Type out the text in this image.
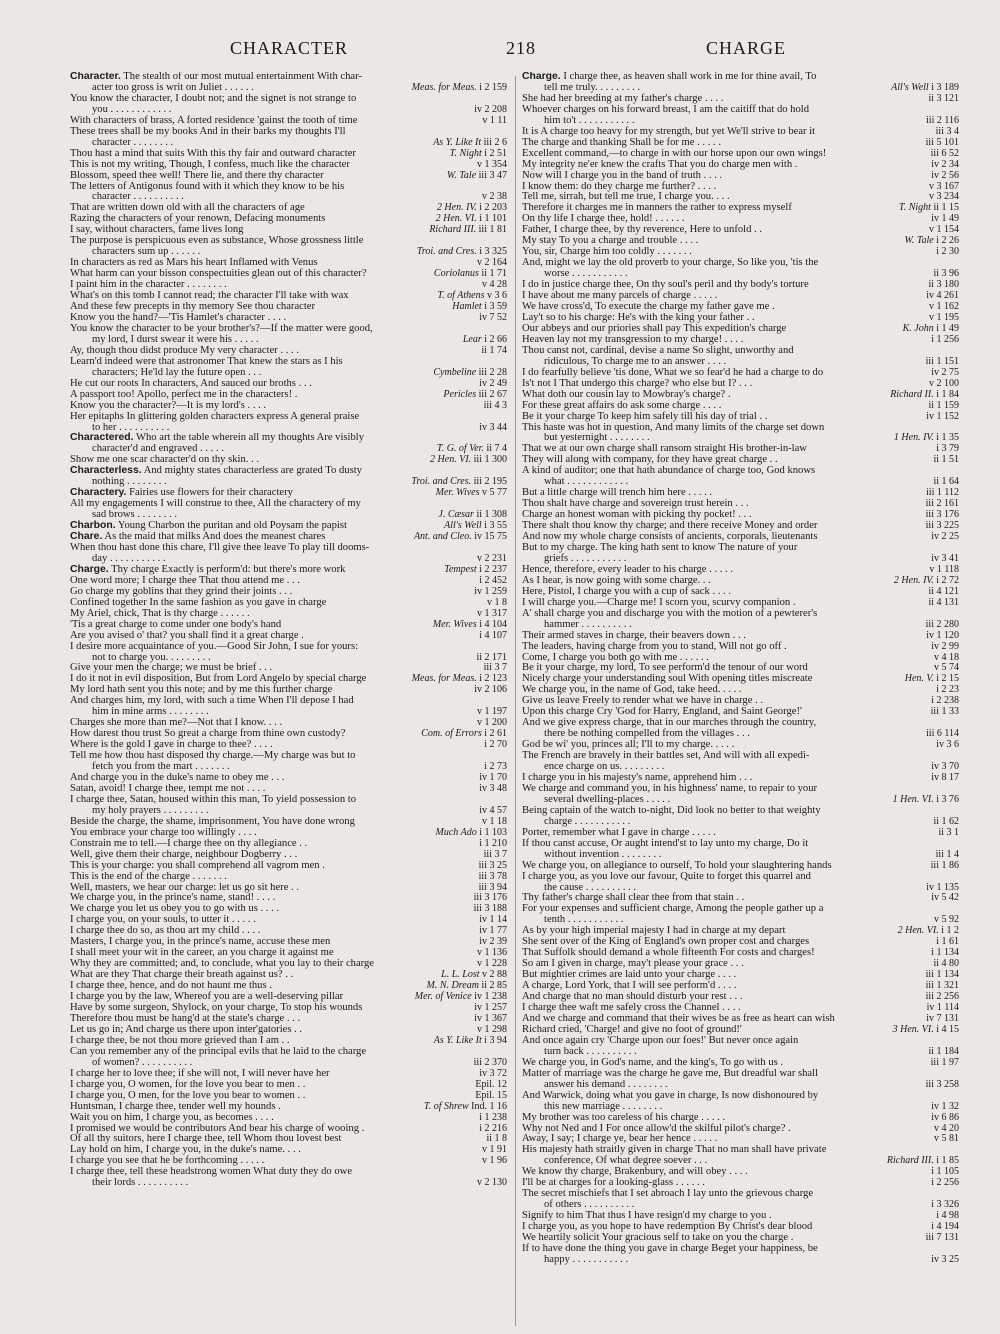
CHARACTER	218	CHARGE
Character. The stealth of our most mutual entertainment With char-
acter too gross is writ on Juliet . . . . . .	Meas. for Meas. i 2 159
You know the character, I doubt not; and the signet is not strange to
you . . . . . . . . . . . .	iv 2 208
With characters of brass, A forted residence 'gainst the tooth of time	v 1 11
These trees shall be my books And in their barks my thoughts I'll
character . . . . . . . .	As Y. Like It iii 2 6
Thou hast a mind that suits With this thy fair and outward character	T. Night i 2 51
This is not my writing, Though, I confess, much like the character	v 1 354
Blossom, speed thee well! There lie, and there thy character	W. Tale iii 3 47
The letters of Antigonus found with it which they know to be his
character . . . . . . . . . .	v 2 38
That are written down old with all the characters of age	2 Hen. IV. i 2 203
Razing the characters of your renown, Defacing monuments	2 Hen. VI. i 1 101
I say, without characters, fame lives long	Richard III. iii 1 81
The purpose is perspicuous even as substance, Whose grossness little
characters sum up . . . . . .	Troi. and Cres. i 3 325
In characters as red as Mars his heart Inflamed with Venus	v 2 164
What harm can your bisson conspectuities glean out of this character?	Coriolanus ii 1 71
I paint him in the character . . . . . . . .	v 4 28
What's on this tomb I cannot read; the character I'll take with wax	T. of Athens v 3 6
And these few precepts in thy memory See thou character	Hamlet i 3 59
Know you the hand?—'Tis Hamlet's character . . . .	iv 7 52
You know the character to be your brother's?—If the matter were good,
my lord, I durst swear it were his . . . . .	Lear i 2 66
Ay, though thou didst produce My very character . . . .	ii 1 74
Learn'd indeed were that astronomer That knew the stars as I his
characters; He'ld lay the future open . . .	Cymbeline iii 2 28
He cut our roots In characters, And sauced our broths . . .	iv 2 49
A passport too! Apollo, perfect me in the characters! .	Pericles iii 2 67
Know you the character?—It is my lord's . . . .	iii 4 3
Her epitaphs In glittering golden characters express A general praise
to her . . . . . . . . . .	iv 3 44
Charactered. Who art the table wherein all my thoughts Are visibly
character'd and engraved . . . . .	T. G. of Ver. ii 7 4
Show me one scar character'd on thy skin. . .	2 Hen. VI. iii 1 300
Characterless. And mighty states characterless are grated To dusty
nothing . . . . . . . .	Troi. and Cres. iii 2 195
Charactery. Fairies use flowers for their charactery	Mer. Wives v 5 77
All my engagements I will construe to thee, All the charactery of my
sad brows . . . . . . . .	J. Cæsar ii 1 308
Charbon. Young Charbon the puritan and old Poysam the papist	All's Well i 3 55
Chare. As the maid that milks And does the meanest chares	Ant. and Cleo. iv 15 75
When thou hast done this chare, I'll give thee leave To play till dooms-
day . . . . . . . . . . .	v 2 231
Charge. Thy charge Exactly is perform'd: but there's more work	Tempest i 2 237
One word more; I charge thee That thou attend me . . .	i 2 452
Go charge my goblins that they grind their joints . . .	iv 1 259
Confined together In the same fashion as you gave in charge	v 1 8
My Ariel, chick, That is thy charge . . . . . .	v 1 317
'Tis a great charge to come under one body's hand	Mer. Wives i 4 104
Are you avised o' that? you shall find it a great charge .	i 4 107
I desire more acquaintance of you.—Good Sir John, I sue for yours:
not to charge you. . . . . . . . .	ii 2 171
Give your men the charge; we must be brief . . .	iii 3 7
I do it not in evil disposition, But from Lord Angelo by special charge	Meas. for Meas. i 2 123
My lord hath sent you this note; and by me this further charge	iv 2 106
And charges him, my lord, with such a time When I'll depose I had
him in mine arms . . . . . . . .	v 1 197
Charges she more than me?—Not that I know. . . .	v 1 200
How darest thou trust So great a charge from thine own custody?	Com. of Errors i 2 61
Where is the gold I gave in charge to thee? . . . .	i 2 70
Tell me how thou hast disposed thy charge.—My charge was but to
fetch you from the mart . . . . . . .	i 2 73
And charge you in the duke's name to obey me . . .	iv 1 70
Satan, avoid! I charge thee, tempt me not . . . .	iv 3 48
I charge thee, Satan, housed within this man, To yield possession to
my holy prayers . . . . . . . . .	iv 4 57
Beside the charge, the shame, imprisonment, You have done wrong	v 1 18
You embrace your charge too willingly . . . .	Much Ado i 1 103
Constrain me to tell.—I charge thee on thy allegiance . .	i 1 210
Well, give them their charge, neighbour Dogberry . . .	iii 3 7
This is your charge: you shall comprehend all vagrom men .	iii 3 25
This is the end of the charge . . . . . . .	iii 3 78
Well, masters, we hear our charge: let us go sit here . .	iii 3 94
We charge you, in the prince's name, stand! . . . .	iii 3 176
We charge you let us obey you to go with us . . . .	iii 3 188
I charge you, on your souls, to utter it . . . . .	iv 1 14
I charge thee do so, as thou art my child . . . .	iv 1 77
Masters, I charge you, in the prince's name, accuse these men	iv 2 39
I shall meet your wit in the career, an you charge it against me	v 1 136
Why they are committed; and, to conclude, what you lay to their charge	v 1 228
What are they That charge their breath against us? . .	L. L. Lost v 2 88
I charge thee, hence, and do not haunt me thus .	M. N. Dream ii 2 85
I charge you by the law, Whereof you are a well-deserving pillar	Mer. of Venice iv 1 238
Have by some surgeon, Shylock, on your charge, To stop his wounds	iv 1 257
Therefore thou must be hang'd at the state's charge . . .	iv 1 367
Let us go in; And charge us there upon inter'gatories . .	v 1 298
I charge thee, be not thou more grieved than I am . .	As Y. Like It i 3 94
Can you remember any of the principal evils that he laid to the charge
of women? . . . . . . . . . .	iii 2 370
I charge her to love thee; if she will not, I will never have her	iv 3 72
I charge you, O women, for the love you bear to men . .	Epil. 12
I charge you, O men, for the love you bear to women . .	Epil. 15
Huntsman, I charge thee, tender well my hounds .	T. of Shrew Ind. 1 16
Wait you on him, I charge you, as becomes . . . .	i 1 238
I promised we would be contributors And bear his charge of wooing .	i 2 216
Of all thy suitors, here I charge thee, tell Whom thou lovest best	ii 1 8
Lay hold on him, I charge you, in the duke's name. . . .	v 1 91
I charge you see that he be forthcoming . . . . .	v 1 96
I charge thee, tell these headstrong women What duty they do owe
their lords . . . . . . . . . .	v 2 130
Charge. I charge thee, as heaven shall work in me for thine avail, To
tell me truly. . . . . . . . .	All's Well i 3 189
She had her breeding at my father's charge . . . .	ii 3 121
Whoever charges on his forward breast, I am the caitiff that do hold
him to't . . . . . . . . . . .	iii 2 116
It is A charge too heavy for my strength, but yet We'll strive to bear it	iii 3 4
The charge and thanking Shall be for me . . . . .	iii 5 101
Excellent command,—to charge in with our horse upon our own wings!	iii 6 52
My integrity ne'er knew the crafts That you do charge men with .	iv 2 34
Now will I charge you in the band of truth . . . .	iv 2 56
I know them: do they charge me further? . . . .	v 3 167
Tell me, sirrah, but tell me true, I charge you. . . .	v 3 234
Therefore it charges me in manners the rather to express myself	T. Night ii 1 15
On thy life I charge thee, hold! . . . . . .	iv 1 49
Father, I charge thee, by thy reverence, Here to unfold . .	v 1 154
My stay To you a charge and trouble . . . .	W. Tale i 2 26
You, sir, Charge him too coldly . . . . . . .	i 2 30
And, might we lay the old proverb to your charge, So like you, 'tis the
worse . . . . . . . . . . .	ii 3 96
I do in justice charge thee, On thy soul's peril and thy body's torture	ii 3 180
I have about me many parcels of charge . . . . .	iv 4 261
We have cross'd, To execute the charge my father gave me .	v 1 162
Lay't so to his charge: He's with the king your father . .	v 1 195
Our abbeys and our priories shall pay This expedition's charge	K. John i 1 49
Heaven lay not my transgression to my charge! . . . .	i 1 256
Thou canst not, cardinal, devise a name So slight, unworthy and
ridiculous, To charge me to an answer . . . .	iii 1 151
I do fearfully believe 'tis done, What we so fear'd he had a charge to do	iv 2 75
Is't not I That undergo this charge? who else but I? . . .	v 2 100
What doth our cousin lay to Mowbray's charge? .	Richard II. i 1 84
For these great affairs do ask some charge . . . .	ii 1 159
Be it your charge To keep him safely till his day of trial . .	iv 1 152
This haste was hot in question, And many limits of the charge set down
but yesternight . . . . . . . .	1 Hen. IV. i 1 35
That we at our own charge shall ransom straight His brother-in-law	i 3 79
They will along with company, for they have great charge . .	ii 1 51
A kind of auditor; one that hath abundance of charge too, God knows
what . . . . . . . . . . . .	ii 1 64
But a little charge will trench him here . . . . .	iii 1 112
Thou shalt have charge and sovereign trust herein . . .	iii 2 161
Charge an honest woman with picking thy pocket! . . .	iii 3 176
There shalt thou know thy charge; and there receive Money and order	iii 3 225
And now my whole charge consists of ancients, corporals, lieutenants	iv 2 25
But to my charge. The king hath sent to know The nature of your
griefs . . . . . . . . . . .	iv 3 41
Hence, therefore, every leader to his charge . . . . .	v 1 118
As I hear, is now going with some charge. . .	2 Hen. IV. i 2 72
Here, Pistol, I charge you with a cup of sack . . . .	ii 4 121
I will charge you.—Charge me! I scorn you, scurvy companion .	ii 4 131
A' shall charge you and discharge you with the motion of a pewterer's
hammer . . . . . . . . . .	iii 2 280
Their armed staves in charge, their beavers down . . .	iv 1 120
The leaders, having charge from you to stand, Will not go off .	iv 2 99
Come, I charge you both go with me . . . . . .	v 4 18
Be it your charge, my lord, To see perform'd the tenour of our word	v 5 74
Nicely charge your understanding soul With opening titles miscreate	Hen. V. i 2 15
We charge you, in the name of God, take heed. . . . .	i 2 23
Give us leave Freely to render what we have in charge . .	i 2 238
Upon this charge Cry 'God for Harry, England, and Saint George!'	iii 1 33
And we give express charge, that in our marches through the country,
there be nothing compelled from the villages . . .	iii 6 114
God be wi' you, princes all; I'll to my charge. . . . .	iv 3 6
The French are bravely in their battles set, And will with all expedi-
ence charge on us. . . . . . . . .	iv 3 70
I charge you in his majesty's name, apprehend him . . .	iv 8 17
We charge and command you, in his highness' name, to repair to your
several dwelling-places . . . . .	1 Hen. VI. i 3 76
Being captain of the watch to-night, Did look no better to that weighty
charge . . . . . . . . . . .	ii 1 62
Porter, remember what I gave in charge . . . . .	ii 3 1
If thou canst accuse, Or aught intend'st to lay unto my charge, Do it
without invention . . . . . . . .	iii 1 4
We charge you, on allegiance to ourself, To hold your slaughtering hands	iii 1 86
I charge you, as you love our favour, Quite to forget this quarrel and
the cause . . . . . . . . . .	iv 1 135
Thy father's charge shall clear thee from that stain . .	iv 5 42
For your expenses and sufficient charge, Among the people gather up a
tenth . . . . . . . . . . .	v 5 92
As by your high imperial majesty I had in charge at my depart	2 Hen. VI. i 1 2
She sent over of the King of England's own proper cost and charges	i 1 61
That Suffolk should demand a whole fifteenth For costs and charges!	i 1 134
So am I given in charge, may't please your grace . . .	ii 4 80
But mightier crimes are laid unto your charge . . . .	iii 1 134
A charge, Lord York, that I will see perform'd . . . .	iii 1 321
And charge that no man should disturb your rest . . .	iii 2 256
I charge thee waft me safely cross the Channel . . . .	iv 1 114
And we charge and command that their wives be as free as heart can wish	iv 7 131
Richard cried, 'Charge! and give no foot of ground!'	3 Hen. VI. i 4 15
And once again cry 'Charge upon our foes!' But never once again
turn back . . . . . . . . . .	ii 1 184
We charge you, in God's name, and the king's, To go with us .	iii 1 97
Matter of marriage was the charge he gave me, But dreadful war shall
answer his demand . . . . . . . .	iii 3 258
And Warwick, doing what you gave in charge, Is now dishonoured by
this new marriage . . . . . . . .	iv 1 32
My brother was too careless of his charge . . . . .	iv 6 86
Why not Ned and I For once allow'd the skilful pilot's charge? .	v 4 20
Away, I say; I charge ye, bear her hence . . . . .	v 5 81
His majesty hath straitly given in charge That no man shall have private
conference, Of what degree soever . . .	Richard III. i 1 85
We know thy charge, Brakenbury, and will obey . . . .	i 1 105
I'll be at charges for a looking-glass . . . . . .	i 2 256
The secret mischiefs that I set abroach I lay unto the grievous charge
of others . . . . . . . . . .	i 3 326
Signify to him That thus I have resign'd my charge to you .	i 4 98
I charge you, as you hope to have redemption By Christ's dear blood	i 4 194
We heartily solicit Your gracious self to take on you the charge .	iii 7 131
If to have done the thing you gave in charge Beget your happiness, be
happy . . . . . . . . . . .	iv 3 25
